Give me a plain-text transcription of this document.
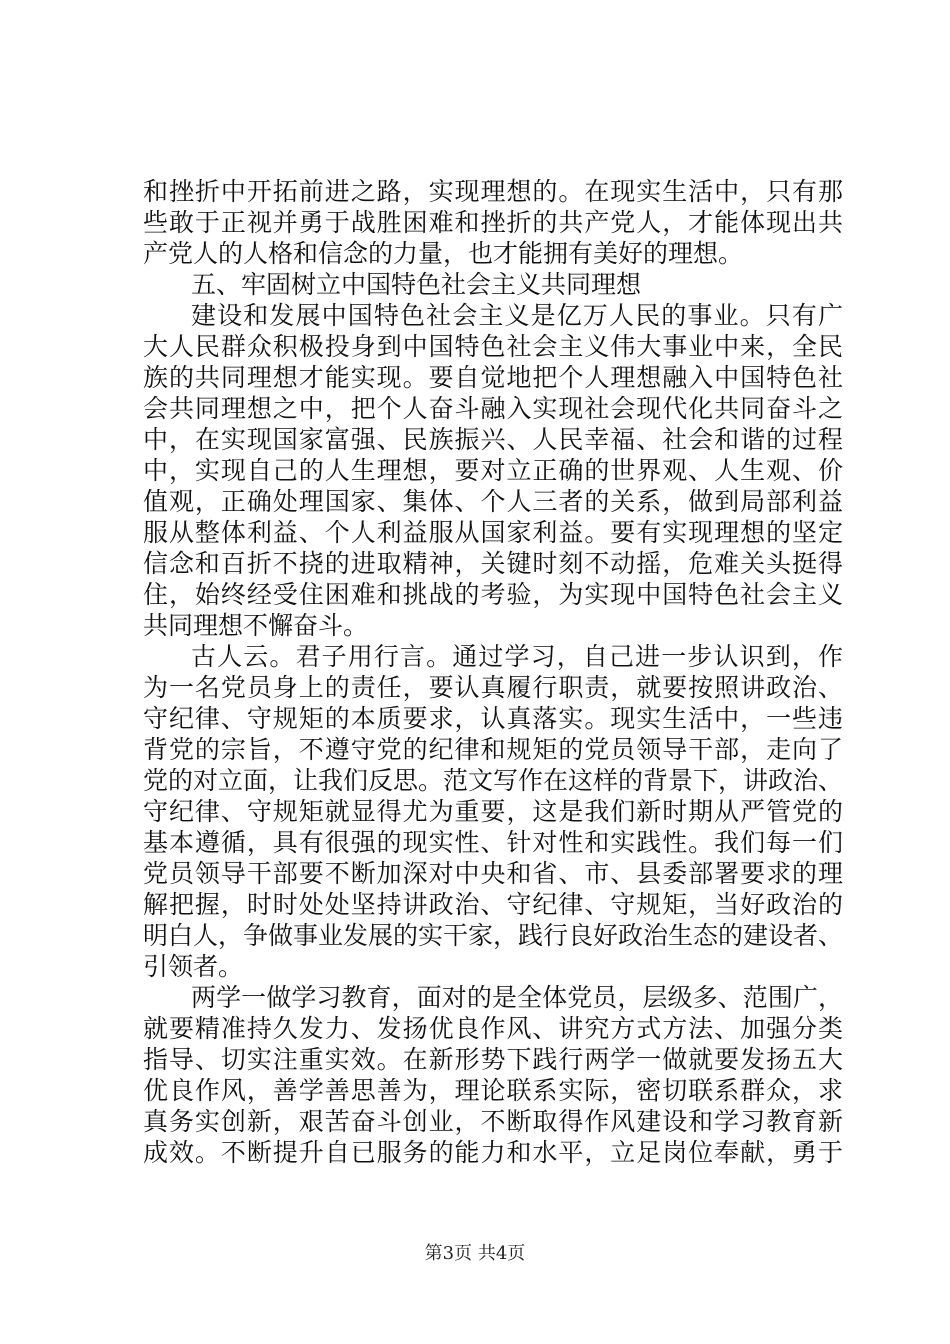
和挫折中开拓前进之路，实现理想的。在现实生活中，只有那
些敢于正视并勇于战胜困难和挫折的共产党人，才能体现出共
产党人的人格和信念的力量，也才能拥有美好的理想。
五、牢固树立中国特色社会主义共同理想
建设和发展中国特色社会主义是亿万人民的事业。只有广
大人民群众积极投身到中国特色社会主义伟大事业中来，全民
族的共同理想才能实现。要自觉地把个人理想融入中国特色社
会共同理想之中，把个人奋斗融入实现社会现代化共同奋斗之
中，在实现国家富强、民族振兴、人民幸福、社会和谐的过程
中，实现自己的人生理想，要对立正确的世界观、人生观、价
值观，正确处理国家、集体、个人三者的关系，做到局部利益
服从整体利益、个人利益服从国家利益。要有实现理想的坚定
信念和百折不挠的进取精神，关键时刻不动摇，危难关头挺得
住，始终经受住困难和挑战的考验，为实现中国特色社会主义
共同理想不懈奋斗。
古人云。君子用行言。通过学习，自己进一步认识到，作
为一名党员身上的责任，要认真履行职责，就要按照讲政治、
守纪律、守规矩的本质要求，认真落实。现实生活中，一些违
背党的宗旨，不遵守党的纪律和规矩的党员领导干部，走向了
党的对立面，让我们反思。范文写作在这样的背景下，讲政治、
守纪律、守规矩就显得尤为重要，这是我们新时期从严管党的
基本遵循，具有很强的现实性、针对性和实践性。我们每一们
党员领导干部要不断加深对中央和省、市、县委部署要求的理
解把握，时时处处坚持讲政治、守纪律、守规矩，当好政治的
明白人，争做事业发展的实干家，践行良好政治生态的建设者、
引领者。
两学一做学习教育，面对的是全体党员，层级多、范围广，
就要精准持久发力、发扬优良作风、讲究方式方法、加强分类
指导、切实注重实效。在新形势下践行两学一做就要发扬五大
优良作风，善学善思善为，理论联系实际，密切联系群众，求
真务实创新，艰苦奋斗创业，不断取得作风建设和学习教育新
成效。不断提升自已服务的能力和水平，立足岗位奉献，勇于
第3页 共4页
